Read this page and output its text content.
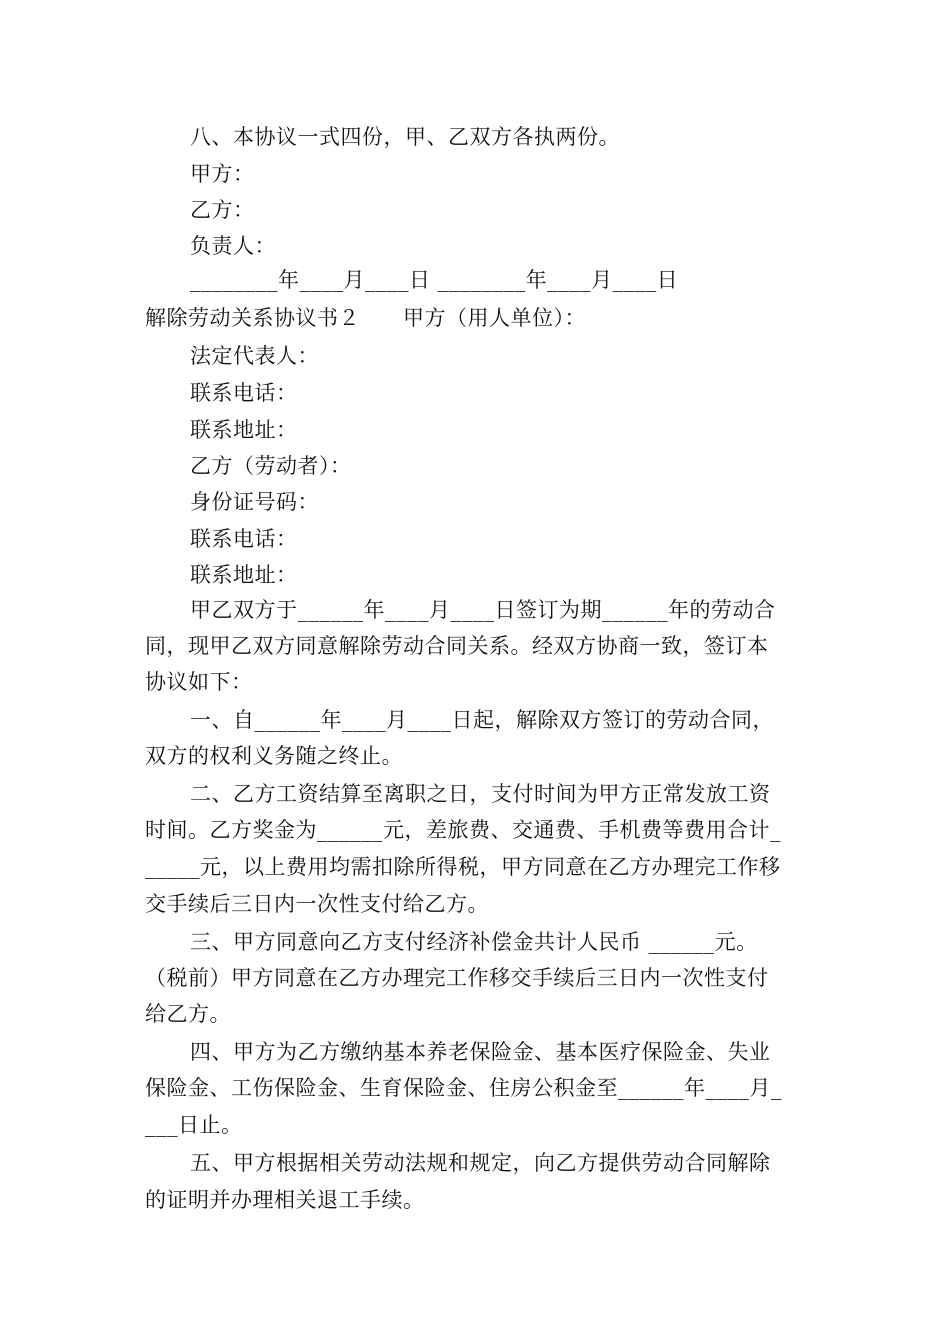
八、本协议一式四份，甲、乙双方各执两份。
甲方：
乙方：
负责人：
________年____月____日 ________年____月____日
解除劳动关系协议书２　　甲方（用人单位）：
法定代表人：
联系电话：
联系地址：
乙方（劳动者）：
身份证号码：
联系电话：
联系地址：
甲乙双方于______年____月____日签订为期______年的劳动合
同，现甲乙双方同意解除劳动合同关系。经双方协商一致，签订本
协议如下：
一、自______年____月____日起，解除双方签订的劳动合同，
双方的权利义务随之终止。
二、乙方工资结算至离职之日，支付时间为甲方正常发放工资
时间。乙方奖金为______元，差旅费、交通费、手机费等费用合计_
_____元，以上费用均需扣除所得税，甲方同意在乙方办理完工作移
交手续后三日内一次性支付给乙方。
三、甲方同意向乙方支付经济补偿金共计人民币 ______元。
（税前）甲方同意在乙方办理完工作移交手续后三日内一次性支付
给乙方。
四、甲方为乙方缴纳基本养老保险金、基本医疗保险金、失业
保险金、工伤保险金、生育保险金、住房公积金至______年____月_
___日止。
五、甲方根据相关劳动法规和规定，向乙方提供劳动合同解除
的证明并办理相关退工手续。
